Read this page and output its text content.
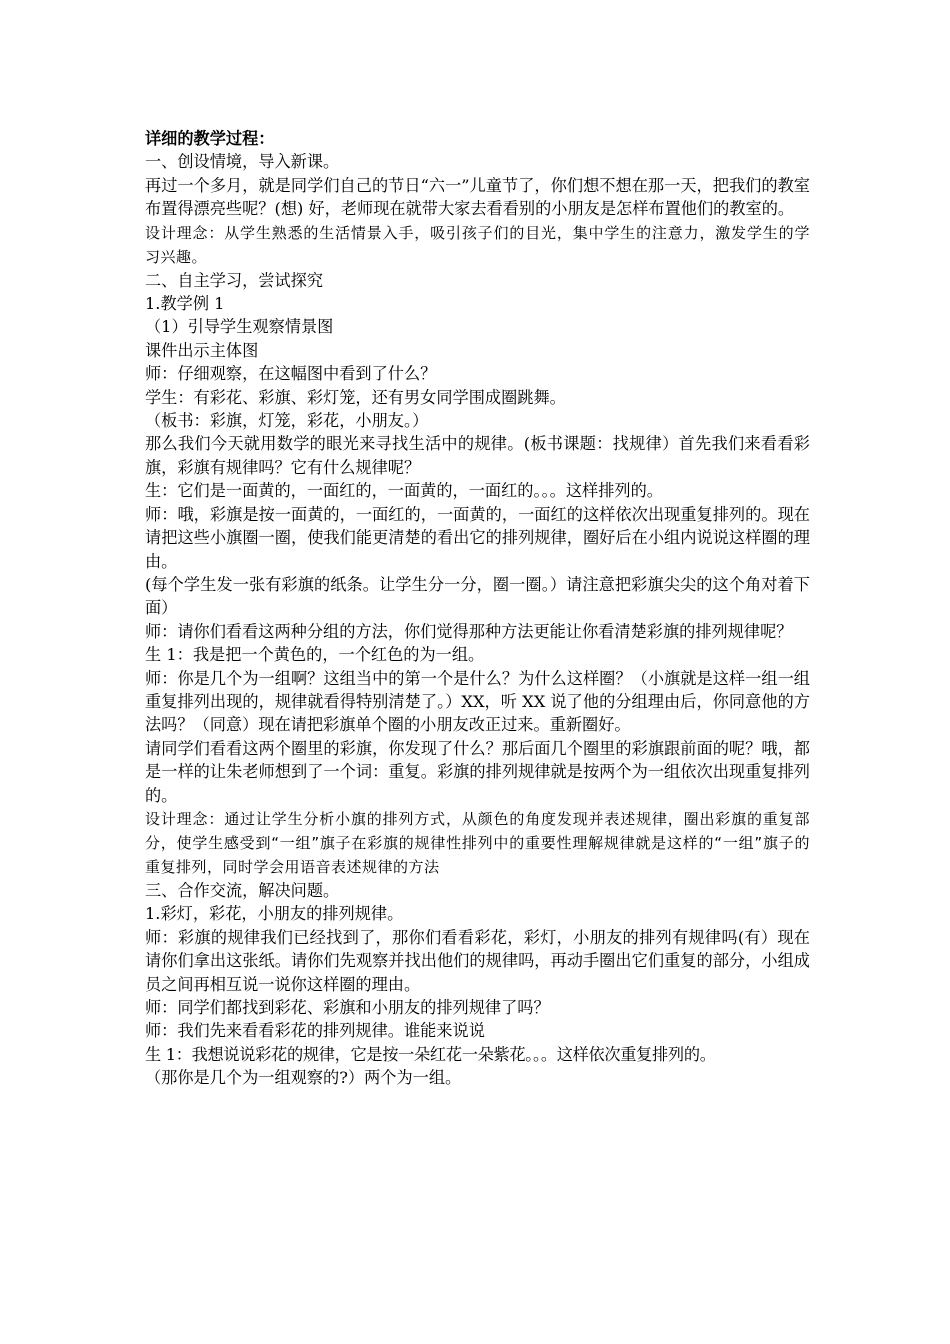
详细的教学过程：

一、创设情境，导入新课。

再过一个多月，就是同学们自己的节日“六一”儿童节了，你们想不想在那一天，把我们的教室布置得漂亮些呢？(想) 好，老师现在就带大家去看看别的小朋友是怎样布置他们的教室的。

设计理念：从学生熟悉的生活情景入手，吸引孩子们的目光，集中学生的注意力，激发学生的学习兴趣。

二、自主学习，尝试探究

1.教学例 1

（1）引导学生观察情景图

课件出示主体图

师：仔细观察，在这幅图中看到了什么？

学生：有彩花、彩旗、彩灯笼，还有男女同学围成圈跳舞。

（板书：彩旗，灯笼，彩花，小朋友。）

那么我们今天就用数学的眼光来寻找生活中的规律。(板书课题：找规律）首先我们来看看彩旗，彩旗有规律吗？它有什么规律呢？

生：它们是一面黄的，一面红的，一面黄的，一面红的。。。这样排列的。

师：哦，彩旗是按一面黄的，一面红的，一面黄的，一面红的这样依次出现重复排列的。现在请把这些小旗圈一圈，使我们能更清楚的看出它的排列规律，圈好后在小组内说说这样圈的理由。

(每个学生发一张有彩旗的纸条。让学生分一分，圈一圈。）请注意把彩旗尖尖的这个角对着下面）

师：请你们看看这两种分组的方法，你们觉得那种方法更能让你看清楚彩旗的排列规律呢？

生 1：我是把一个黄色的，一个红色的为一组。

师：你是几个为一组啊？这组当中的第一个是什么？为什么这样圈？（小旗就是这样一组一组重复排列出现的，规律就看得特别清楚了。）XX，听 XX 说了他的分组理由后，你同意他的方法吗？（同意）现在请把彩旗单个圈的小朋友改正过来。重新圈好。

请同学们看看这两个圈里的彩旗，你发现了什么？那后面几个圈里的彩旗跟前面的呢？哦，都是一样的让朱老师想到了一个词：重复。彩旗的排列规律就是按两个为一组依次出现重复排列的。

设计理念：通过让学生分析小旗的排列方式，从颜色的角度发现并表述规律，圈出彩旗的重复部分，使学生感受到“一组”旗子在彩旗的规律性排列中的重要性理解规律就是这样的“一组”旗子的重复排列，同时学会用语音表述规律的方法

三、合作交流，解决问题。

1.彩灯，彩花，小朋友的排列规律。

师：彩旗的规律我们已经找到了，那你们看看彩花，彩灯，小朋友的排列有规律吗(有）现在请你们拿出这张纸。请你们先观察并找出他们的规律吗，再动手圈出它们重复的部分，小组成员之间再相互说一说你这样圈的理由。

师：同学们都找到彩花、彩旗和小朋友的排列规律了吗？

师：我们先来看看彩花的排列规律。谁能来说说

生 1：我想说说彩花的规律，它是按一朵红花一朵紫花。。。这样依次重复排列的。

（那你是几个为一组观察的?）两个为一组。
